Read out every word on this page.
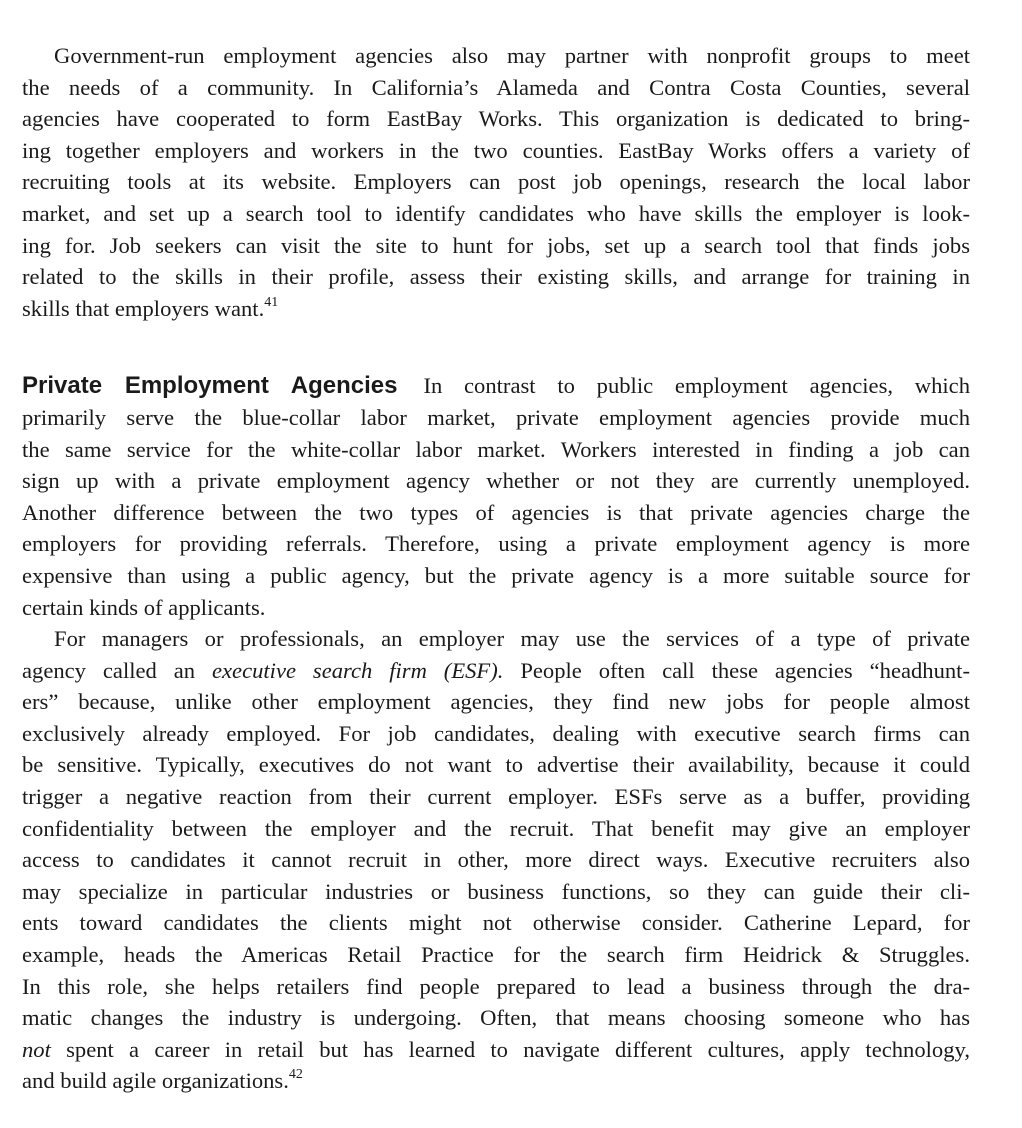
Government-run employment agencies also may partner with nonprofit groups to meet
the needs of a community. In California’s Alameda and Contra Costa Counties, several
agencies have cooperated to form EastBay Works. This organization is dedicated to bring-
ing together employers and workers in the two counties. EastBay Works offers a variety of
recruiting tools at its website. Employers can post job openings, research the local labor
market, and set up a search tool to identify candidates who have skills the employer is look-
ing for. Job seekers can visit the site to hunt for jobs, set up a search tool that finds jobs
related to the skills in their profile, assess their existing skills, and arrange for training in
skills that employers want.$^{41}$
Private Employment Agencies In contrast to public employment agencies, which
primarily serve the blue-collar labor market, private employment agencies provide much
the same service for the white-collar labor market. Workers interested in finding a job can
sign up with a private employment agency whether or not they are currently unemployed.
Another difference between the two types of agencies is that private agencies charge the
employers for providing referrals. Therefore, using a private employment agency is more
expensive than using a public agency, but the private agency is a more suitable source for
certain kinds of applicants.
For managers or professionals, an employer may use the services of a type of private
agency called an executive search firm (ESF). People often call these agencies “headhunt-
ers” because, unlike other employment agencies, they find new jobs for people almost
exclusively already employed. For job candidates, dealing with executive search firms can
be sensitive. Typically, executives do not want to advertise their availability, because it could
trigger a negative reaction from their current employer. ESFs serve as a buffer, providing
confidentiality between the employer and the recruit. That benefit may give an employer
access to candidates it cannot recruit in other, more direct ways. Executive recruiters also
may specialize in particular industries or business functions, so they can guide their cli-
ents toward candidates the clients might not otherwise consider. Catherine Lepard, for
example, heads the Americas Retail Practice for the search firm Heidrick & Struggles.
In this role, she helps retailers find people prepared to lead a business through the dra-
matic changes the industry is undergoing. Often, that means choosing someone who has
not spent a career in retail but has learned to navigate different cultures, apply technology,
and build agile organizations.$^{42}$
